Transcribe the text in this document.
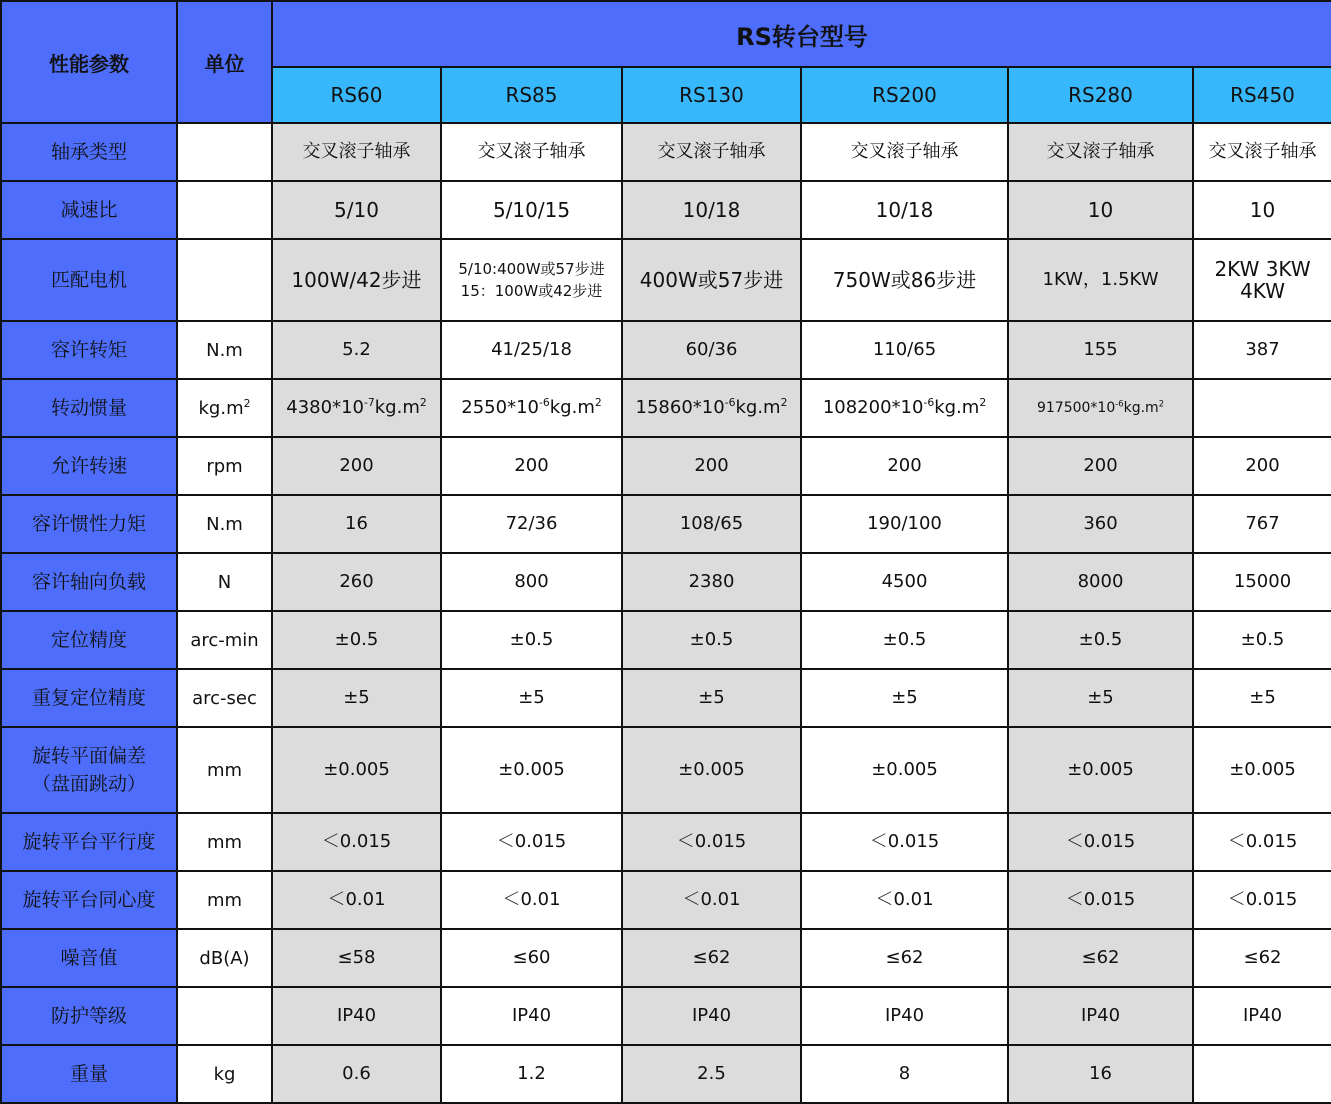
性能参数	单位	RS转台型号					
		RS60	RS85	RS130	RS200	RS280	RS450
轴承类型		交叉滚子轴承	交叉滚子轴承	交叉滚子轴承	交叉滚子轴承	交叉滚子轴承	交叉滚子轴承
减速比		5/10	5/10/15	10/18	10/18	10	10
匹配电机		100W/42步进	5/10:400W或57步进
15：100W或42步进	400W或57步进	750W或86步进	1KW，1.5KW	2KW 3KW
4KW

容许转矩	N.m	5.2	41/25/18	60/36	110/65	155	387
转动惯量	$kg.m^2$	$4380*10^{-7}kg.m^2$	$2550*10^{-6}kg.m^2$	$15860*10^{-6}kg.m^2$	$108200*10^{-6}kg.m^2$	$917500*10^{-6}kg.m^2$	
允许转速	rpm	200	200	200	200	200	200
容许惯性力矩	N.m	16	72/36	108/65	190/100	360	767
容许轴向负载	N	260	800	2380	4500	8000	15000
定位精度	arc-min	±0.5	±0.5	±0.5	±0.5	±0.5	±0.5
重复定位精度	arc-sec	±5	±5	±5	±5	±5	±5

旋转平面偏差
（盘面跳动）	mm	±0.005	±0.005	±0.005	±0.005	±0.005	±0.005
旋转平台平行度	mm	＜0.015	＜0.015	＜0.015	＜0.015	＜0.015	＜0.015
旋转平台同心度	mm	＜0.01	＜0.01	＜0.01	＜0.01	＜0.015	＜0.015
噪音值	dB(A)	≤58	≤60	≤62	≤62	≤62	≤62
防护等级		IP40	IP40	IP40	IP40	IP40	IP40
重量	kg	0.6	1.2	2.5	8	16	
